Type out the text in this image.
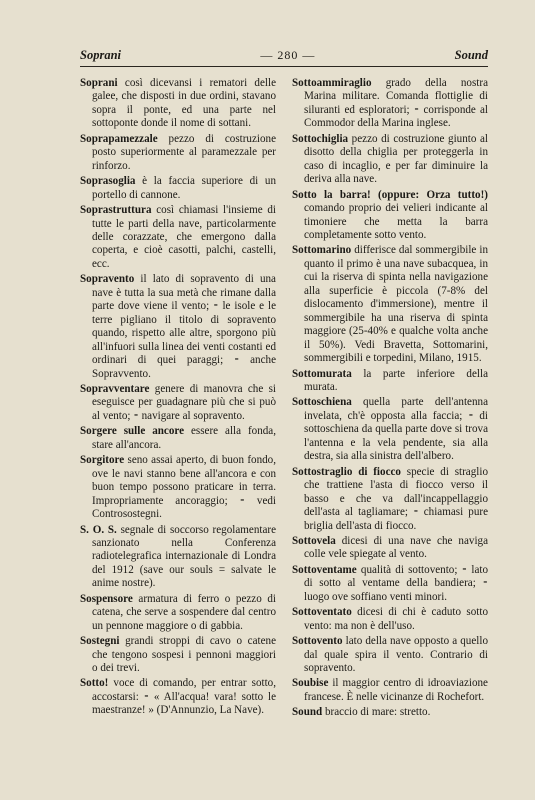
Soprani	— 280 —	Sound

Soprani così dicevansi i rematori delle galee, che disposti in due ordini, stavano sopra il ponte, ed una parte nel sottoponte donde il nome di sottani.

Soprapamezzale pezzo di costruzione posto superiormente al paramezzale per rinforzo.

Soprasoglia è la faccia superiore di un portello di cannone.

Soprastruttura così chiamasi l'insieme di tutte le parti della nave, particolarmente delle corazzate, che emergono dalla coperta, e cioè casotti, palchi, castelli, ecc.

Sopravento il lato di sopravento di una nave è tutta la sua metà che rimane dalla parte dove viene il vento; ⁃ le isole e le terre pigliano il titolo di sopravento quando, rispetto alle altre, sporgono più all'infuori sulla linea dei venti costanti ed ordinari di quei paraggi; ⁃ anche Sopravvento.

Sopravventare genere di manovra che si eseguisce per guadagnare più che si può al vento; ⁃ navigare al sopravento.

Sorgere sulle ancore essere alla fonda, stare all'ancora.

Sorgitore seno assai aperto, di buon fondo, ove le navi stanno bene all'ancora e con buon tempo possono praticare in terra. Impropriamente ancoraggio; ⁃ vedi Controsostegni.

S. O. S. segnale di soccorso regolamentare sanzionato nella Conferenza radiotelegrafica internazionale di Londra del 1912 (save our souls = salvate le anime nostre).

Sospensore armatura di ferro o pezzo di catena, che serve a sospendere dal centro un pennone maggiore o di gabbia.

Sostegni grandi stroppi di cavo o catene che tengono sospesi i pennoni maggiori o dei trevi.

Sotto! voce di comando, per entrar sotto, accostarsi: ⁃ « All'acqua! vara! sotto le maestranze! » (D'Annunzio, La Nave).

Sottoammiraglio grado della nostra Marina militare. Comanda flottiglie di siluranti ed esploratori; ⁃ corrisponde al Commodor della Marina inglese.

Sottochiglia pezzo di costruzione giunto al disotto della chiglia per proteggerla in caso di incaglio, e per far diminuire la deriva alla nave.

Sotto la barra! (oppure: Orza tutto!) comando proprio dei velieri indicante al timoniere che metta la barra completamente sotto vento.

Sottomarino differisce dal sommergibile in quanto il primo è una nave subacquea, in cui la riserva di spinta nella navigazione alla superficie è piccola (7-8% del dislocamento d'immersione), mentre il sommergibile ha una riserva di spinta maggiore (25-40% e qualche volta anche il 50%). Vedi Bravetta, Sottomarini, sommergibili e torpedini, Milano, 1915.

Sottomurata la parte inferiore della murata.

Sottoschiena quella parte dell'antenna invelata, ch'è opposta alla faccia; ⁃ di sottoschiena da quella parte dove si trova l'antenna e la vela pendente, sia alla destra, sia alla sinistra dell'albero.

Sottostraglio di fiocco specie di straglio che trattiene l'asta di fiocco verso il basso e che va dall'incappellaggio dell'asta al tagliamare; ⁃ chiamasi pure briglia dell'asta di fiocco.

Sottovela dicesi di una nave che naviga colle vele spiegate al vento.

Sottoventame qualità di sottovento; ⁃ lato di sotto al ventame della bandiera; ⁃ luogo ove soffiano venti minori.

Sottoventato dicesi di chi è caduto sotto vento: ma non è dell'uso.

Sottovento lato della nave opposto a quello dal quale spira il vento. Contrario di sopravento.

Soubise il maggior centro di idroaviazione francese. È nelle vicinanze di Rochefort.

Sound braccio di mare: stretto.
